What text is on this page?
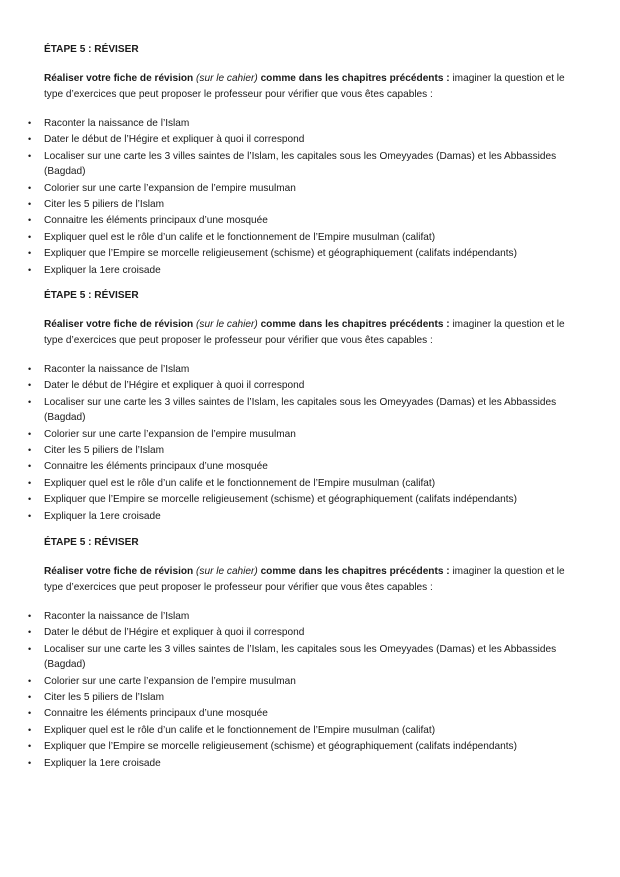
ÉTAPE 5 : RÉVISER

Réaliser votre fiche de révision (sur le cahier) comme dans les chapitres précédents : imaginer la question et le type d’exercices que peut proposer le professeur pour vérifier que vous êtes capables :

• Raconter la naissance de l’Islam
• Dater le début de l’Hégire et expliquer à quoi il correspond
• Localiser sur une carte les 3 villes saintes de l’Islam, les capitales sous les Omeyyades (Damas) et les Abbassides (Bagdad)
• Colorier sur une carte l’expansion de l’empire musulman
• Citer les 5 piliers de l’Islam
• Connaitre les éléments principaux d’une mosquée
• Expliquer quel est le rôle d’un calife et le fonctionnement de l’Empire musulman (califat)
• Expliquer que l’Empire se morcelle religieusement (schisme) et géographiquement (califats indépendants)
• Expliquer la 1ere croisade

ÉTAPE 5 : RÉVISER

Réaliser votre fiche de révision (sur le cahier) comme dans les chapitres précédents : imaginer la question et le type d’exercices que peut proposer le professeur pour vérifier que vous êtes capables :

• Raconter la naissance de l’Islam
• Dater le début de l’Hégire et expliquer à quoi il correspond
• Localiser sur une carte les 3 villes saintes de l’Islam, les capitales sous les Omeyyades (Damas) et les Abbassides (Bagdad)
• Colorier sur une carte l’expansion de l’empire musulman
• Citer les 5 piliers de l’Islam
• Connaitre les éléments principaux d’une mosquée
• Expliquer quel est le rôle d’un calife et le fonctionnement de l’Empire musulman (califat)
• Expliquer que l’Empire se morcelle religieusement (schisme) et géographiquement (califats indépendants)
• Expliquer la 1ere croisade

ÉTAPE 5 : RÉVISER

Réaliser votre fiche de révision (sur le cahier) comme dans les chapitres précédents : imaginer la question et le type d’exercices que peut proposer le professeur pour vérifier que vous êtes capables :

• Raconter la naissance de l’Islam
• Dater le début de l’Hégire et expliquer à quoi il correspond
• Localiser sur une carte les 3 villes saintes de l’Islam, les capitales sous les Omeyyades (Damas) et les Abbassides (Bagdad)
• Colorier sur une carte l’expansion de l’empire musulman
• Citer les 5 piliers de l’Islam
• Connaitre les éléments principaux d’une mosquée
• Expliquer quel est le rôle d’un calife et le fonctionnement de l’Empire musulman (califat)
• Expliquer que l’Empire se morcelle religieusement (schisme) et géographiquement (califats indépendants)
• Expliquer la 1ere croisade
